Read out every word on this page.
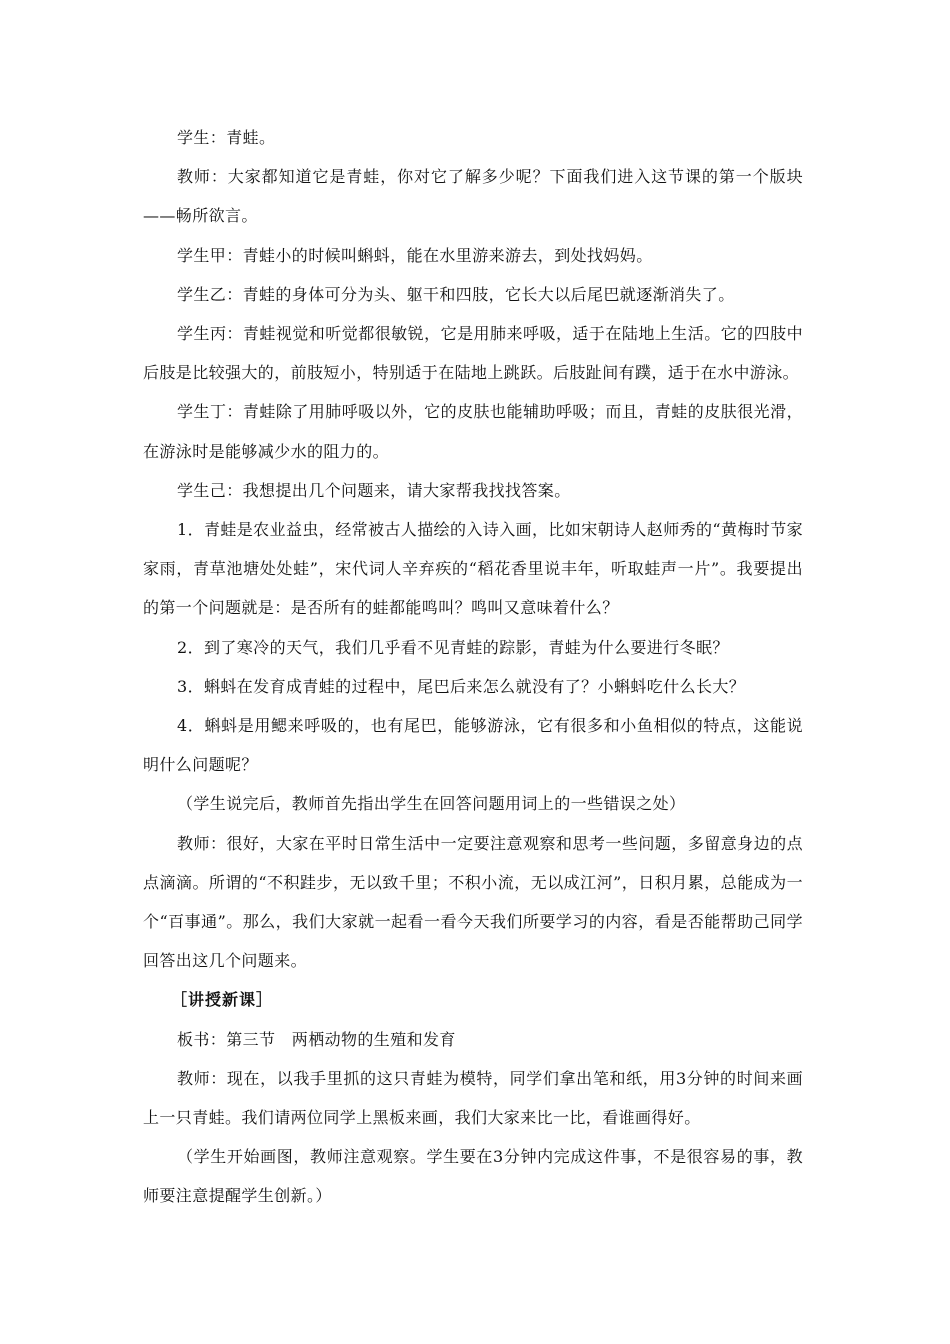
学生：青蛙。

教师：大家都知道它是青蛙，你对它了解多少呢？下面我们进入这节课的第一个版块——畅所欲言。

学生甲：青蛙小的时候叫蝌蚪，能在水里游来游去，到处找妈妈。

学生乙：青蛙的身体可分为头、躯干和四肢，它长大以后尾巴就逐渐消失了。

学生丙：青蛙视觉和听觉都很敏锐，它是用肺来呼吸，适于在陆地上生活。它的四肢中后肢是比较强大的，前肢短小，特别适于在陆地上跳跃。后肢趾间有蹼，适于在水中游泳。

学生丁：青蛙除了用肺呼吸以外，它的皮肤也能辅助呼吸；而且，青蛙的皮肤很光滑，在游泳时是能够减少水的阻力的。

学生己：我想提出几个问题来，请大家帮我找找答案。

1．青蛙是农业益虫，经常被古人描绘的入诗入画，比如宋朝诗人赵师秀的“黄梅时节家家雨，青草池塘处处蛙”，宋代词人辛弃疾的“稻花香里说丰年，听取蛙声一片”。我要提出的第一个问题就是：是否所有的蛙都能鸣叫？鸣叫又意味着什么？

2．到了寒冷的天气，我们几乎看不见青蛙的踪影，青蛙为什么要进行冬眠？

3．蝌蚪在发育成青蛙的过程中，尾巴后来怎么就没有了？小蝌蚪吃什么长大？

4．蝌蚪是用鳃来呼吸的，也有尾巴，能够游泳，它有很多和小鱼相似的特点，这能说明什么问题呢？

（学生说完后，教师首先指出学生在回答问题用词上的一些错误之处）

教师：很好，大家在平时日常生活中一定要注意观察和思考一些问题，多留意身边的点点滴滴。所谓的“不积跬步，无以致千里；不积小流，无以成江河”，日积月累，总能成为一个“百事通”。那么，我们大家就一起看一看今天我们所要学习的内容，看是否能帮助己同学回答出这几个问题来。

［讲授新课］

板书：第三节　两栖动物的生殖和发育

教师：现在，以我手里抓的这只青蛙为模特，同学们拿出笔和纸，用3分钟的时间来画上一只青蛙。我们请两位同学上黑板来画，我们大家来比一比，看谁画得好。

（学生开始画图，教师注意观察。学生要在3分钟内完成这件事，不是很容易的事，教师要注意提醒学生创新。）
